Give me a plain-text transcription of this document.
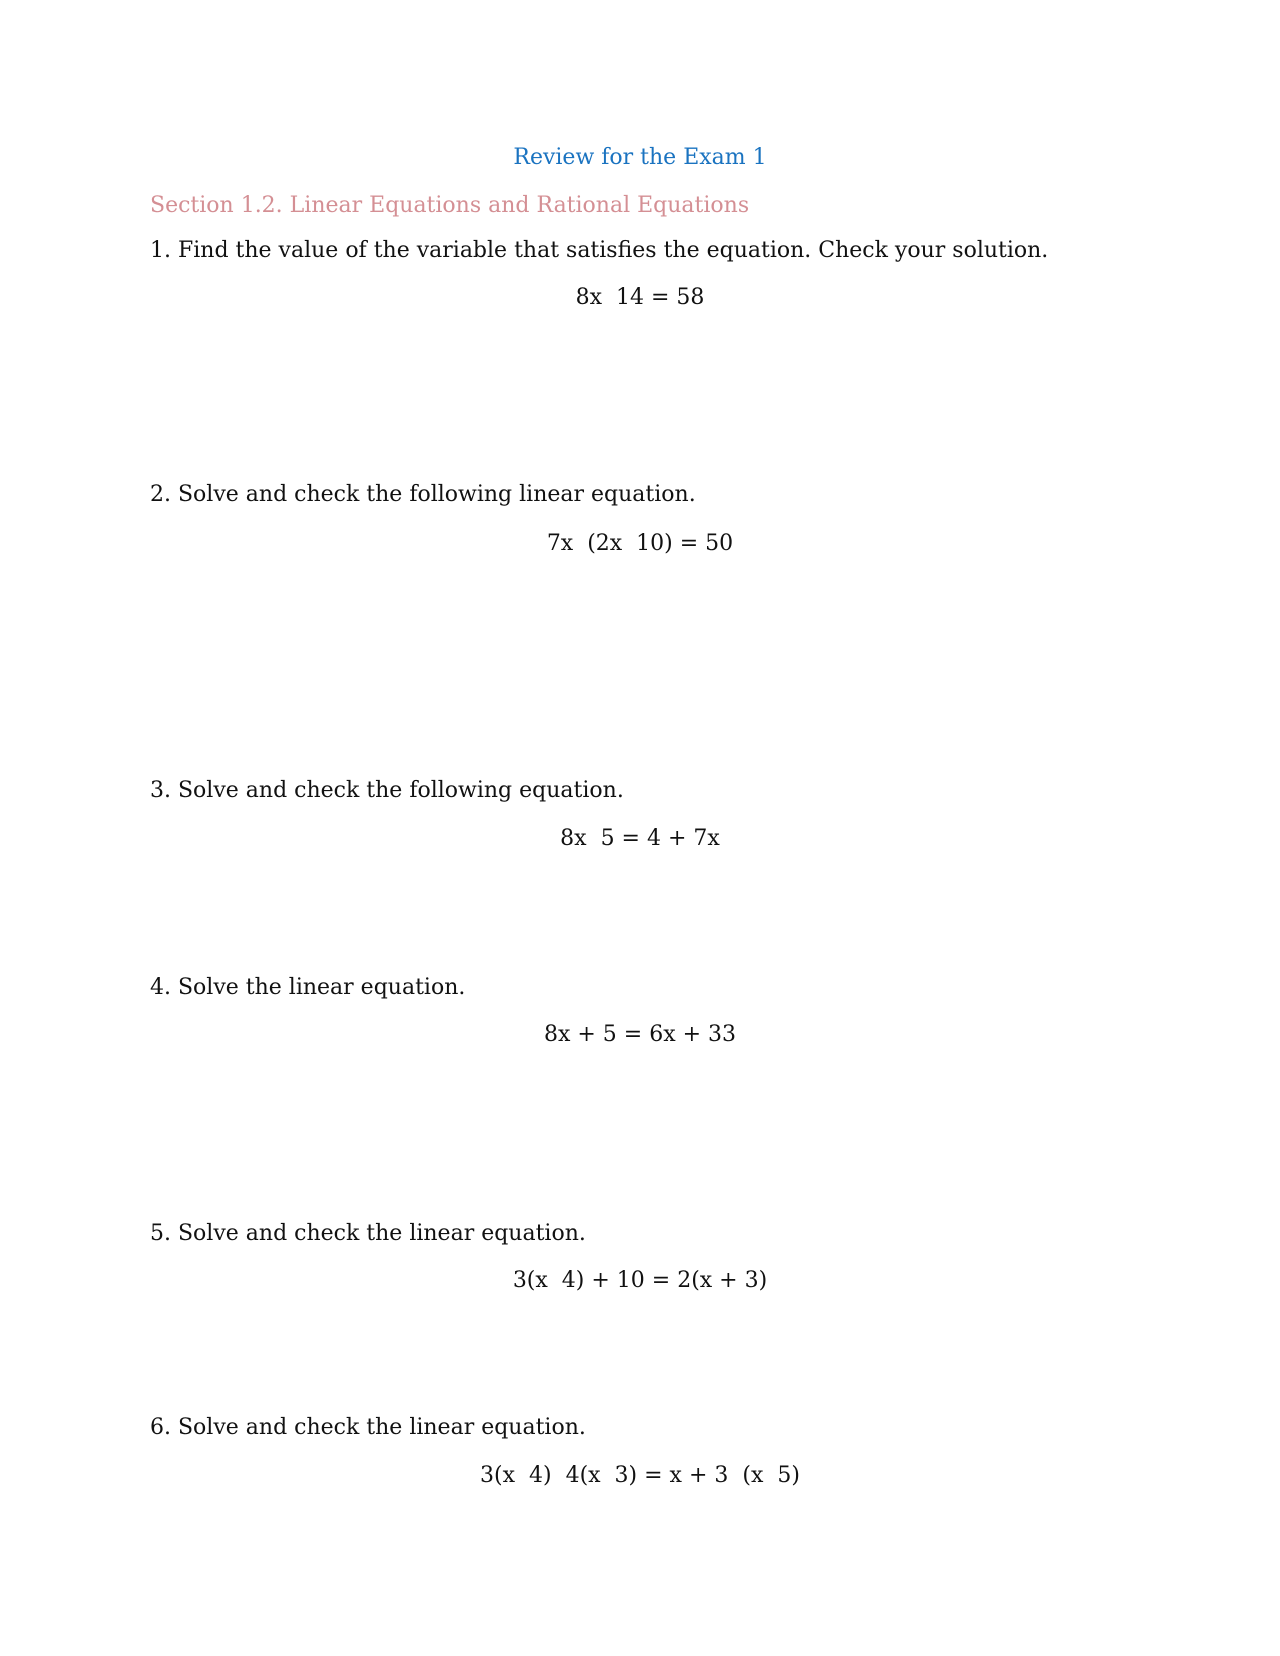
Review for the Exam 1
Section 1.2. Linear Equations and Rational Equations
1. Find the value of the variable that satisfies the equation. Check your solution.
8x  14 = 58
2. Solve and check the following linear equation.
7x  (2x  10) = 50
3. Solve and check the following equation.
8x  5 = 4 + 7x
4. Solve the linear equation.
8x + 5 = 6x + 33
5. Solve and check the linear equation.
3(x  4) + 10 = 2(x + 3)
6. Solve and check the linear equation.
3(x  4)  4(x  3) = x + 3  (x  5)
